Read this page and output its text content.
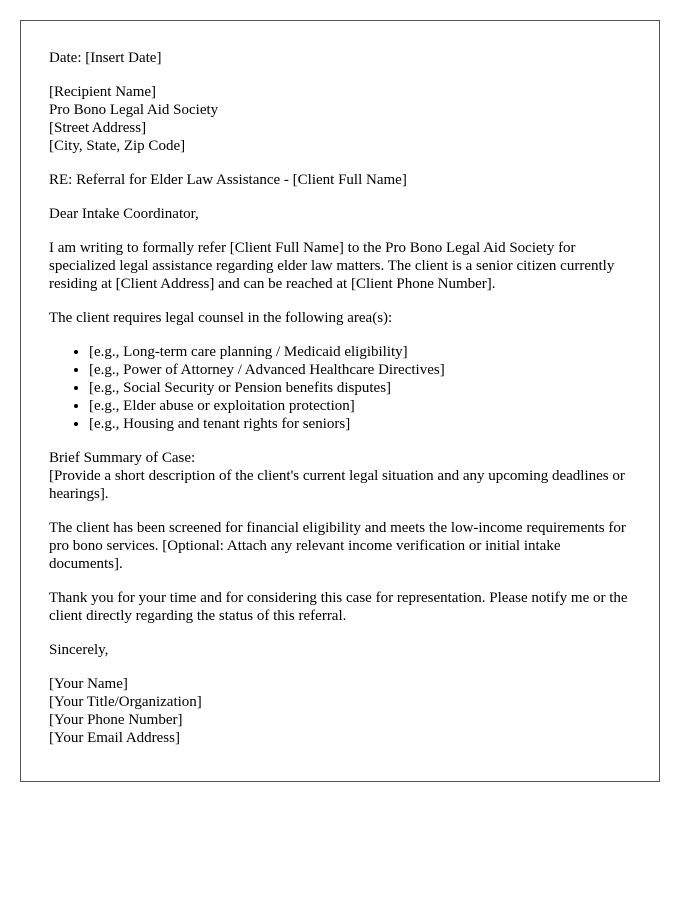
Date: [Insert Date]
[Recipient Name]
Pro Bono Legal Aid Society
[Street Address]
[City, State, Zip Code]
RE: Referral for Elder Law Assistance - [Client Full Name]
Dear Intake Coordinator,

I am writing to formally refer [Client Full Name] to the Pro Bono Legal Aid Society for specialized legal assistance regarding elder law matters. The client is a senior citizen currently residing at [Client Address] and can be reached at [Client Phone Number].

The client requires legal counsel in the following area(s):

• [e.g., Long-term care planning / Medicaid eligibility]
• [e.g., Power of Attorney / Advanced Healthcare Directives]
• [e.g., Social Security or Pension benefits disputes]
• [e.g., Elder abuse or exploitation protection]
• [e.g., Housing and tenant rights for seniors]
Brief Summary of Case:
[Provide a short description of the client's current legal situation and any upcoming deadlines or hearings].

The client has been screened for financial eligibility and meets the low-income requirements for pro bono services. [Optional: Attach any relevant income verification or initial intake documents].

Thank you for your time and for considering this case for representation. Please notify me or the client directly regarding the status of this referral.

Sincerely,
[Your Name]
[Your Title/Organization]
[Your Phone Number]
[Your Email Address]
